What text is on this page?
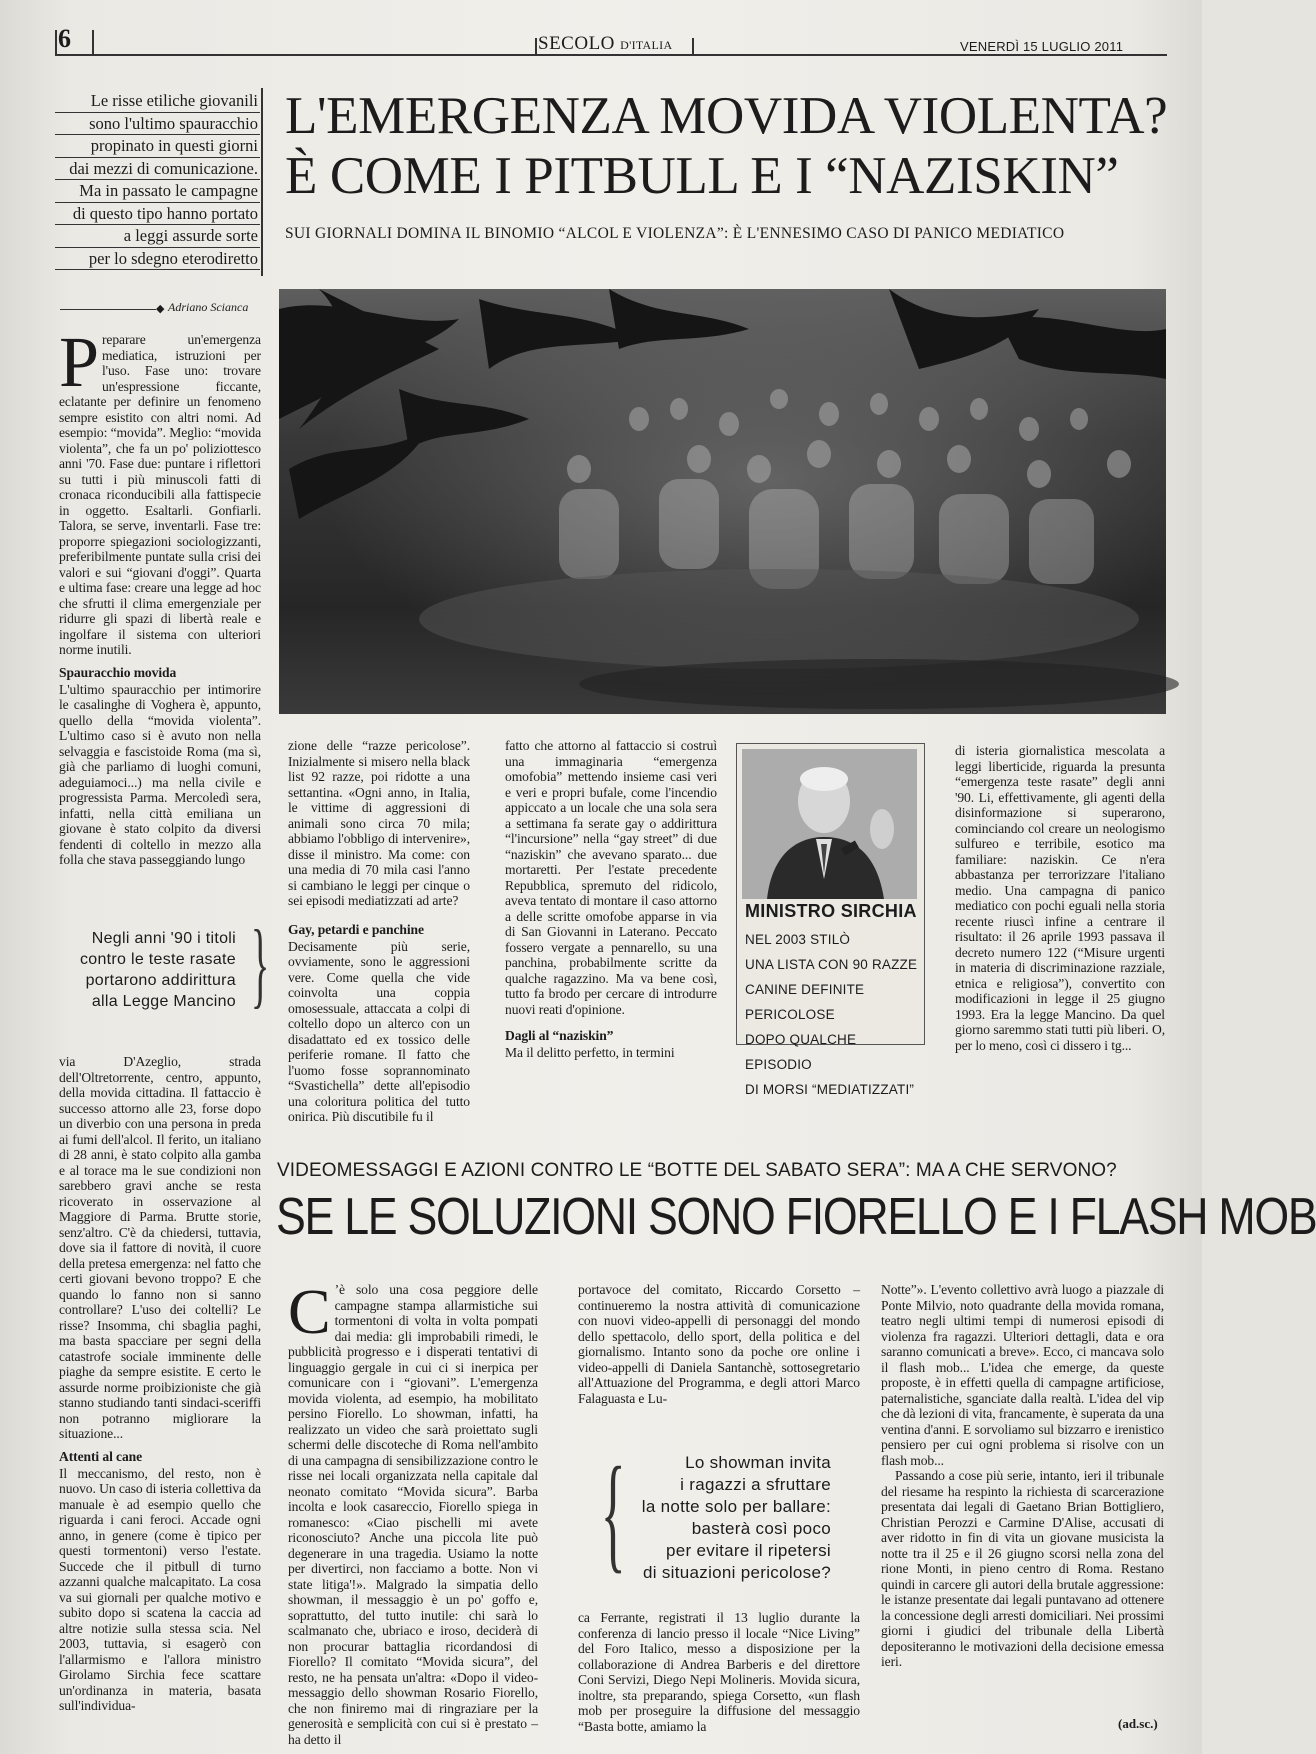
6	SECOLO D'ITALIA	VENERDÌ 15 LUGLIO 2011
Le risse etiliche giovanili
sono l'ultimo spauracchio
propinato in questi giorni
dai mezzi di comunicazione.
Ma in passato le campagne
di questo tipo hanno portato
a leggi assurde sorte
per lo sdegno eterodiretto
L'EMERGENZA MOVIDA VIOLENTA?
È COME I PITBULL E I “NAZISKIN”
SUI GIORNALI DOMINA IL BINOMIO “ALCOL E VIOLENZA”: È L'ENNESIMO CASO DI PANICO MEDIATICO
◆ Adriano Scianca
Preparare un'emergenza mediatica, istruzioni per l'uso. Fase uno: trovare un'espressione ficcante, eclatante per definire un fenomeno sempre esistito con altri nomi. Ad esempio: “movida”. Meglio: “movida violenta”, che fa un po' poliziottesco anni '70. Fase due: puntare i riflettori su tutti i più minuscoli fatti di cronaca riconducibili alla fattispecie in oggetto. Esaltarli. Gonfiarli. Talora, se serve, inventarli. Fase tre: proporre spiegazioni sociologizzanti, preferibilmente puntate sulla crisi dei valori e sui “giovani d'oggi”. Quarta e ultima fase: creare una legge ad hoc che sfrutti il clima emergenziale per ridurre gli spazi di libertà reale e ingolfare il sistema con ulteriori norme inutili.
Spauracchio movida

L'ultimo spauracchio per intimorire le casalinghe di Voghera è, appunto, quello della “movida violenta”. L'ultimo caso si è avuto non nella selvaggia e fascistoide Roma (ma sì, già che parliamo di luoghi comuni, adeguiamoci...) ma nella civile e progressista Parma. Mercoledì sera, infatti, nella città emiliana un giovane è stato colpito da diversi fendenti di coltello in mezzo alla folla che stava passeggiando lungo

Negli anni '90 i titoli
contro le teste rasate
portarono addirittura
alla Legge Mancino }

via D'Azeglio, strada dell'Oltretorrente, centro, appunto, della movida cittadina. Il fattaccio è successo attorno alle 23, forse dopo un diverbio con una persona in preda ai fumi dell'alcol. Il ferito, un italiano di 28 anni, è stato colpito alla gamba e al torace ma le sue condizioni non sarebbero gravi anche se resta ricoverato in osservazione al Maggiore di Parma. Brutte storie, senz'altro. C'è da chiedersi, tuttavia, dove sia il fattore di novità, il cuore della pretesa emergenza: nel fatto che certi giovani bevono troppo? E che quando lo fanno non si sanno controllare? L'uso dei coltelli? Le risse? Insomma, chi sbaglia paghi, ma basta spacciare per segni della catastrofe sociale imminente delle piaghe da sempre esistite. E certo le assurde norme proibizioniste che già stanno studiando tanti sindaci-sceriffi non potranno migliorare la situazione...

Attenti al cane

Il meccanismo, del resto, non è nuovo. Un caso di isteria collettiva da manuale è ad esempio quello che riguarda i cani feroci. Accade ogni anno, in genere (come è tipico per questi tormentoni) verso l'estate. Succede che il pitbull di turno azzanni qualche malcapitato. La cosa va sui giornali per qualche motivo e subito dopo si scatena la caccia ad altre notizie sulla stessa scia. Nel 2003, tuttavia, si esagerò con l'allarmismo e l'allora ministro Girolamo Sirchia fece scattare un'ordinanza in materia, basata sull'individua-

zione delle “razze pericolose”. Inizialmente si misero nella black list 92 razze, poi ridotte a una settantina. «Ogni anno, in Italia, le vittime di aggressioni di animali sono circa 70 mila; abbiamo l'obbligo di intervenire», disse il ministro. Ma come: con una media di 70 mila casi l'anno si cambiano le leggi per cinque o sei episodi mediatizzati ad arte?

Gay, petardi e panchine

Decisamente più serie, ovviamente, sono le aggressioni vere. Come quella che vide coinvolta una coppia omosessuale, attaccata a colpi di coltello dopo un alterco con un disadattato ed ex tossico delle periferie romane. Il fatto che l'uomo fosse soprannominato “Svastichella” dette all'episodio una coloritura politica del tutto onirica. Più discutibile fu il

fatto che attorno al fattaccio si costruì una immaginaria “emergenza omofobia” mettendo insieme casi veri e veri e propri bufale, come l'incendio appiccato a un locale che una sola sera a settimana fa serate gay o addirittura “l'incursione” nella “gay street” di due “naziskin” che avevano sparato... due mortaretti. Per l'estate precedente Repubblica, spremuto del ridicolo, aveva tentato di montare il caso attorno a delle scritte omofobe apparse in via di San Giovanni in Laterano. Peccato fossero vergate a pennarello, su una panchina, probabilmente scritte da qualche ragazzino. Ma va bene così, tutto fa brodo per cercare di introdurre nuovi reati d'opinione.

Dagli al “naziskin”

Ma il delitto perfetto, in termini

MINISTRO SIRCHIA
NEL 2003 STILÒ
UNA LISTA CON 90 RAZZE
CANINE DEFINITE PERICOLOSE
DOPO QUALCHE EPISODIO
DI MORSI “MEDIATIZZATI”

di isteria giornalistica mescolata a leggi liberticide, riguarda la presunta “emergenza teste rasate” degli anni '90. Li, effettivamente, gli agenti della disinformazione si superarono, cominciando col creare un neologismo sulfureo e terribile, esotico ma familiare: naziskin. Ce n'era abbastanza per terrorizzare l'italiano medio. Una campagna di panico mediatico con pochi eguali nella storia recente riuscì infine a centrare il risultato: il 26 aprile 1993 passava il decreto numero 122 (“Misure urgenti in materia di discriminazione razziale, etnica e religiosa”), convertito con modificazioni in legge il 25 giugno 1993. Era la legge Mancino. Da quel giorno saremmo stati tutti più liberi. O, per lo meno, così ci dissero i tg...

VIDEOMESSAGGI E AZIONI CONTRO LE “BOTTE DEL SABATO SERA”: MA A CHE SERVONO?
SE LE SOLUZIONI SONO FIORELLO E I FLASH MOB
C ’è solo una cosa peggiore delle campagne stampa allarmistiche sui tormentoni di volta in volta pompati dai media: gli improbabili rimedi, le pubblicità progresso e i disperati tentativi di linguaggio gergale in cui ci si inerpica per comunicare con i “giovani”. L'emergenza movida violenta, ad esempio, ha mobilitato persino Fiorello. Lo showman, infatti, ha realizzato un video che sarà proiettato sugli schermi delle discoteche di Roma nell'ambito di una campagna di sensibilizzazione contro le risse nei locali organizzata nella capitale dal neonato comitato “Movida sicura”. Barba incolta e look casareccio, Fiorello spiega in romanesco: «Ciao pischelli mi avete riconosciuto? Anche una piccola lite può degenerare in una tragedia. Usiamo la notte per divertirci, non facciamo a botte. Non vi state litiga'!». Malgrado la simpatia dello showman, il messaggio è un po' goffo e, soprattutto, del tutto inutile: chi sarà lo scalmanato che, ubriaco e iroso, deciderà di non procurar battaglia ricordandosi di Fiorello? Il comitato “Movida sicura”, del resto, ne ha pensata un'altra: «Dopo il video-messaggio dello showman Rosario Fiorello, che non finiremo mai di ringraziare per la generosità e semplicità con cui si è prestato – ha detto il

portavoce del comitato, Riccardo Corsetto – continueremo la nostra attività di comunicazione con nuovi video-appelli di personaggi del mondo dello spettacolo, dello sport, della politica e del giornalismo. Intanto sono da poche ore online i video-appelli di Daniela Santanchè, sottosegretario all'Attuazione del Programma, e degli attori Marco Falaguasta e Lu-

Lo showman invita
i ragazzi a sfruttare
la notte solo per ballare:
basterà così poco
per evitare il ripetersi
di situazioni pericolose?
{

ca Ferrante, registrati il 13 luglio durante la conferenza di lancio presso il locale “Nice Living” del Foro Italico, messo a disposizione per la collaborazione di Andrea Barberis e del direttore Coni Servizi, Diego Nepi Molineris. Movida sicura, inoltre, sta preparando, spiega Corsetto, «un flash mob per proseguire la diffusione del messaggio “Basta botte, amiamo la

Notte”». L'evento collettivo avrà luogo a piazzale di Ponte Milvio, noto quadrante della movida romana, teatro negli ultimi tempi di numerosi episodi di violenza fra ragazzi. Ulteriori dettagli, data e ora saranno comunicati a breve». Ecco, ci mancava solo il flash mob... L'idea che emerge, da queste proposte, è in effetti quella di campagne artificiose, paternalistiche, sganciate dalla realtà. L'idea del vip che dà lezioni di vita, francamente, è superata da una ventina d'anni. E sorvoliamo sul bizzarro e irenistico pensiero per cui ogni problema si risolve con un flash mob...

Passando a cose più serie, intanto, ieri il tribunale del riesame ha respinto la richiesta di scarcerazione presentata dai legali di Gaetano Brian Bottigliero, Christian Perozzi e Carmine D'Alise, accusati di aver ridotto in fin di vita un giovane musicista la notte tra il 25 e il 26 giugno scorsi nella zona del rione Monti, in pieno centro di Roma. Restano quindi in carcere gli autori della brutale aggressione: le istanze presentate dai legali puntavano ad ottenere la concessione degli arresti domiciliari. Nei prossimi giorni i giudici del tribunale della Libertà depositeranno le motivazioni della decisione emessa ieri.

(ad.sc.)
